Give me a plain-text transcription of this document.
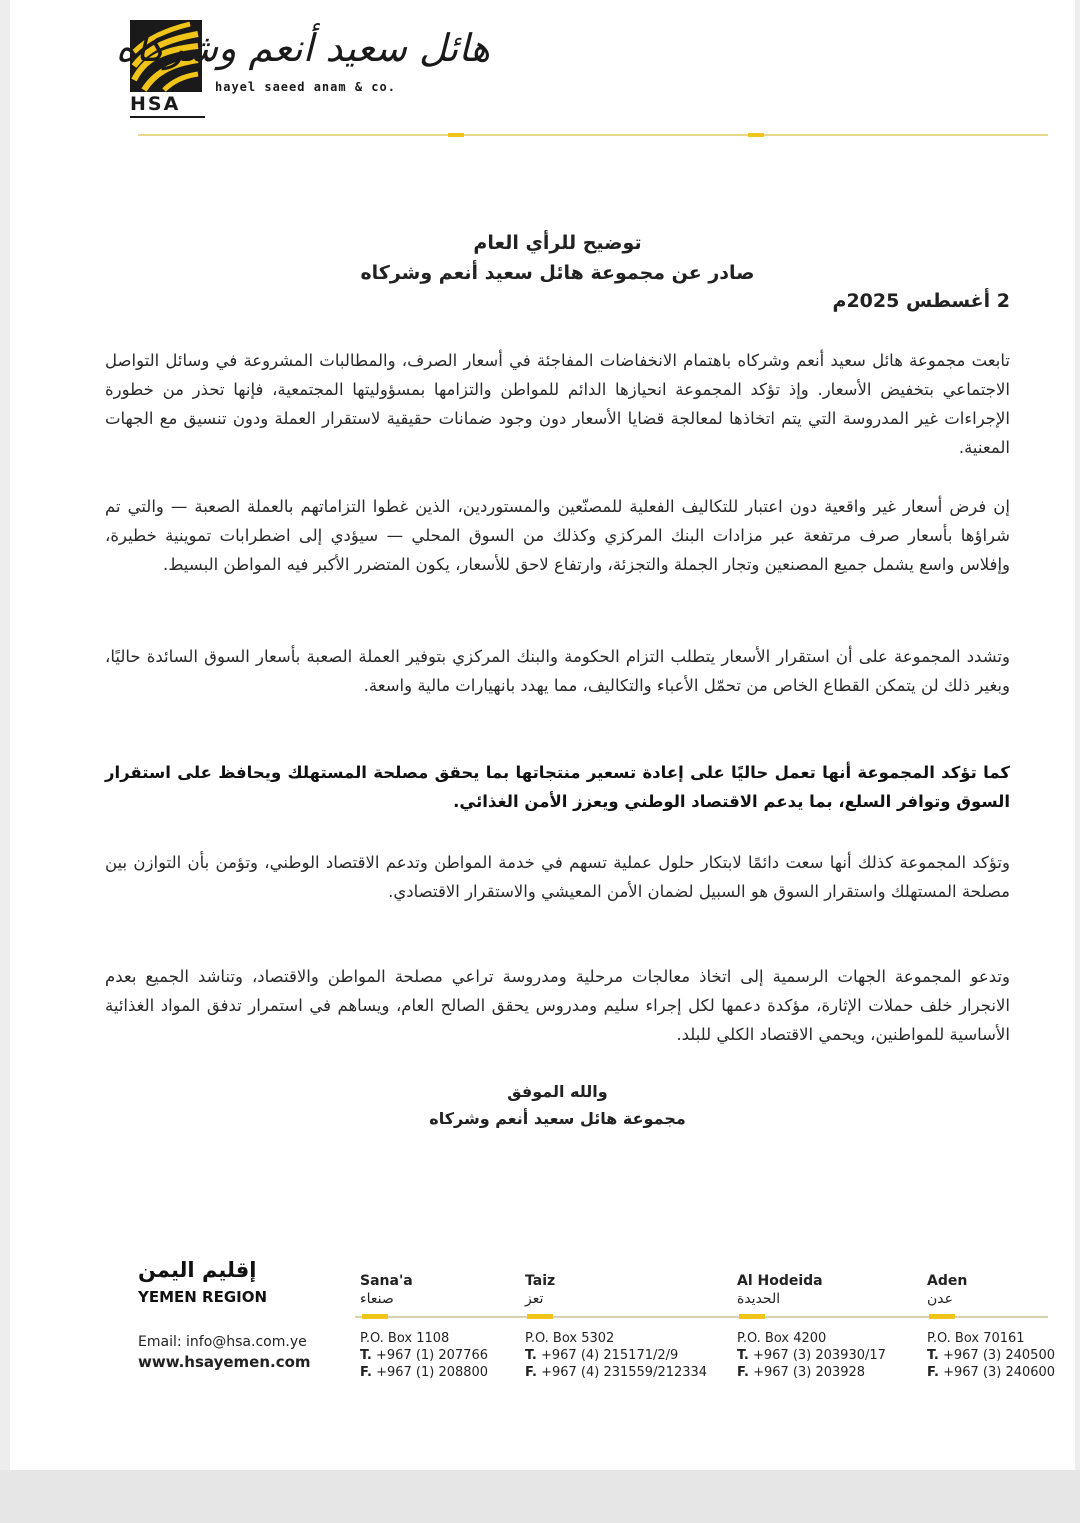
HSA
هائل سعيد أنعم وشركاه
hayel saeed anam & co.
توضيح للرأي العام
صادر عن مجموعة هائل سعيد أنعم وشركاه
2 أغسطس 2025م

تابعت مجموعة هائل سعيد أنعم وشركاه باهتمام الانخفاضات المفاجئة في أسعار الصرف، والمطالبات المشروعة في وسائل التواصل الاجتماعي بتخفيض الأسعار. وإذ تؤكد المجموعة انحيازها الدائم للمواطن والتزامها بمسؤوليتها المجتمعية، فإنها تحذر من خطورة الإجراءات غير المدروسة التي يتم اتخاذها لمعالجة قضايا الأسعار دون وجود ضمانات حقيقية لاستقرار العملة ودون تنسيق مع الجهات المعنية.

إن فرض أسعار غير واقعية دون اعتبار للتكاليف الفعلية للمصنّعين والمستوردين، الذين غطوا التزاماتهم بالعملة الصعبة — والتي تم شراؤها بأسعار صرف مرتفعة عبر مزادات البنك المركزي وكذلك من السوق المحلي — سيؤدي إلى اضطرابات تموينية خطيرة، وإفلاس واسع يشمل جميع المصنعين وتجار الجملة والتجزئة، وارتفاع لاحق للأسعار، يكون المتضرر الأكبر فيه المواطن البسيط.

وتشدد المجموعة على أن استقرار الأسعار يتطلب التزام الحكومة والبنك المركزي بتوفير العملة الصعبة بأسعار السوق السائدة حاليًا، وبغير ذلك لن يتمكن القطاع الخاص من تحمّل الأعباء والتكاليف، مما يهدد بانهيارات مالية واسعة.

كما تؤكد المجموعة أنها تعمل حاليًا على إعادة تسعير منتجاتها بما يحقق مصلحة المستهلك ويحافظ على استقرار السوق وتوافر السلع، بما يدعم الاقتصاد الوطني ويعزز الأمن الغذائي.

وتؤكد المجموعة كذلك أنها سعت دائمًا لابتكار حلول عملية تسهم في خدمة المواطن وتدعم الاقتصاد الوطني، وتؤمن بأن التوازن بين مصلحة المستهلك واستقرار السوق هو السبيل لضمان الأمن المعيشي والاستقرار الاقتصادي.

وتدعو المجموعة الجهات الرسمية إلى اتخاذ معالجات مرحلية ومدروسة تراعي مصلحة المواطن والاقتصاد، وتناشد الجميع بعدم الانجرار خلف حملات الإثارة، مؤكدة دعمها لكل إجراء سليم ومدروس يحقق الصالح العام، ويساهم في استمرار تدفق المواد الغذائية الأساسية للمواطنين، ويحمي الاقتصاد الكلي للبلد.

والله الموفق
مجموعة هائل سعيد أنعم وشركاه
إقليم اليمن
YEMEN REGION
Email: info@hsa.com.ye
www.hsayemen.com
Sana'a
صنعاء
Taiz
تعز
Al Hodeida
الحديدة
Aden
عدن
P.O. Box 1108
T. +967 (1) 207766
F. +967 (1) 208800
P.O. Box 5302
T. +967 (4) 215171/2/9
F. +967 (4) 231559/212334
P.O. Box 4200
T. +967 (3) 203930/17
F. +967 (3) 203928
P.O. Box 70161
T. +967 (3) 240500
F. +967 (3) 240600
